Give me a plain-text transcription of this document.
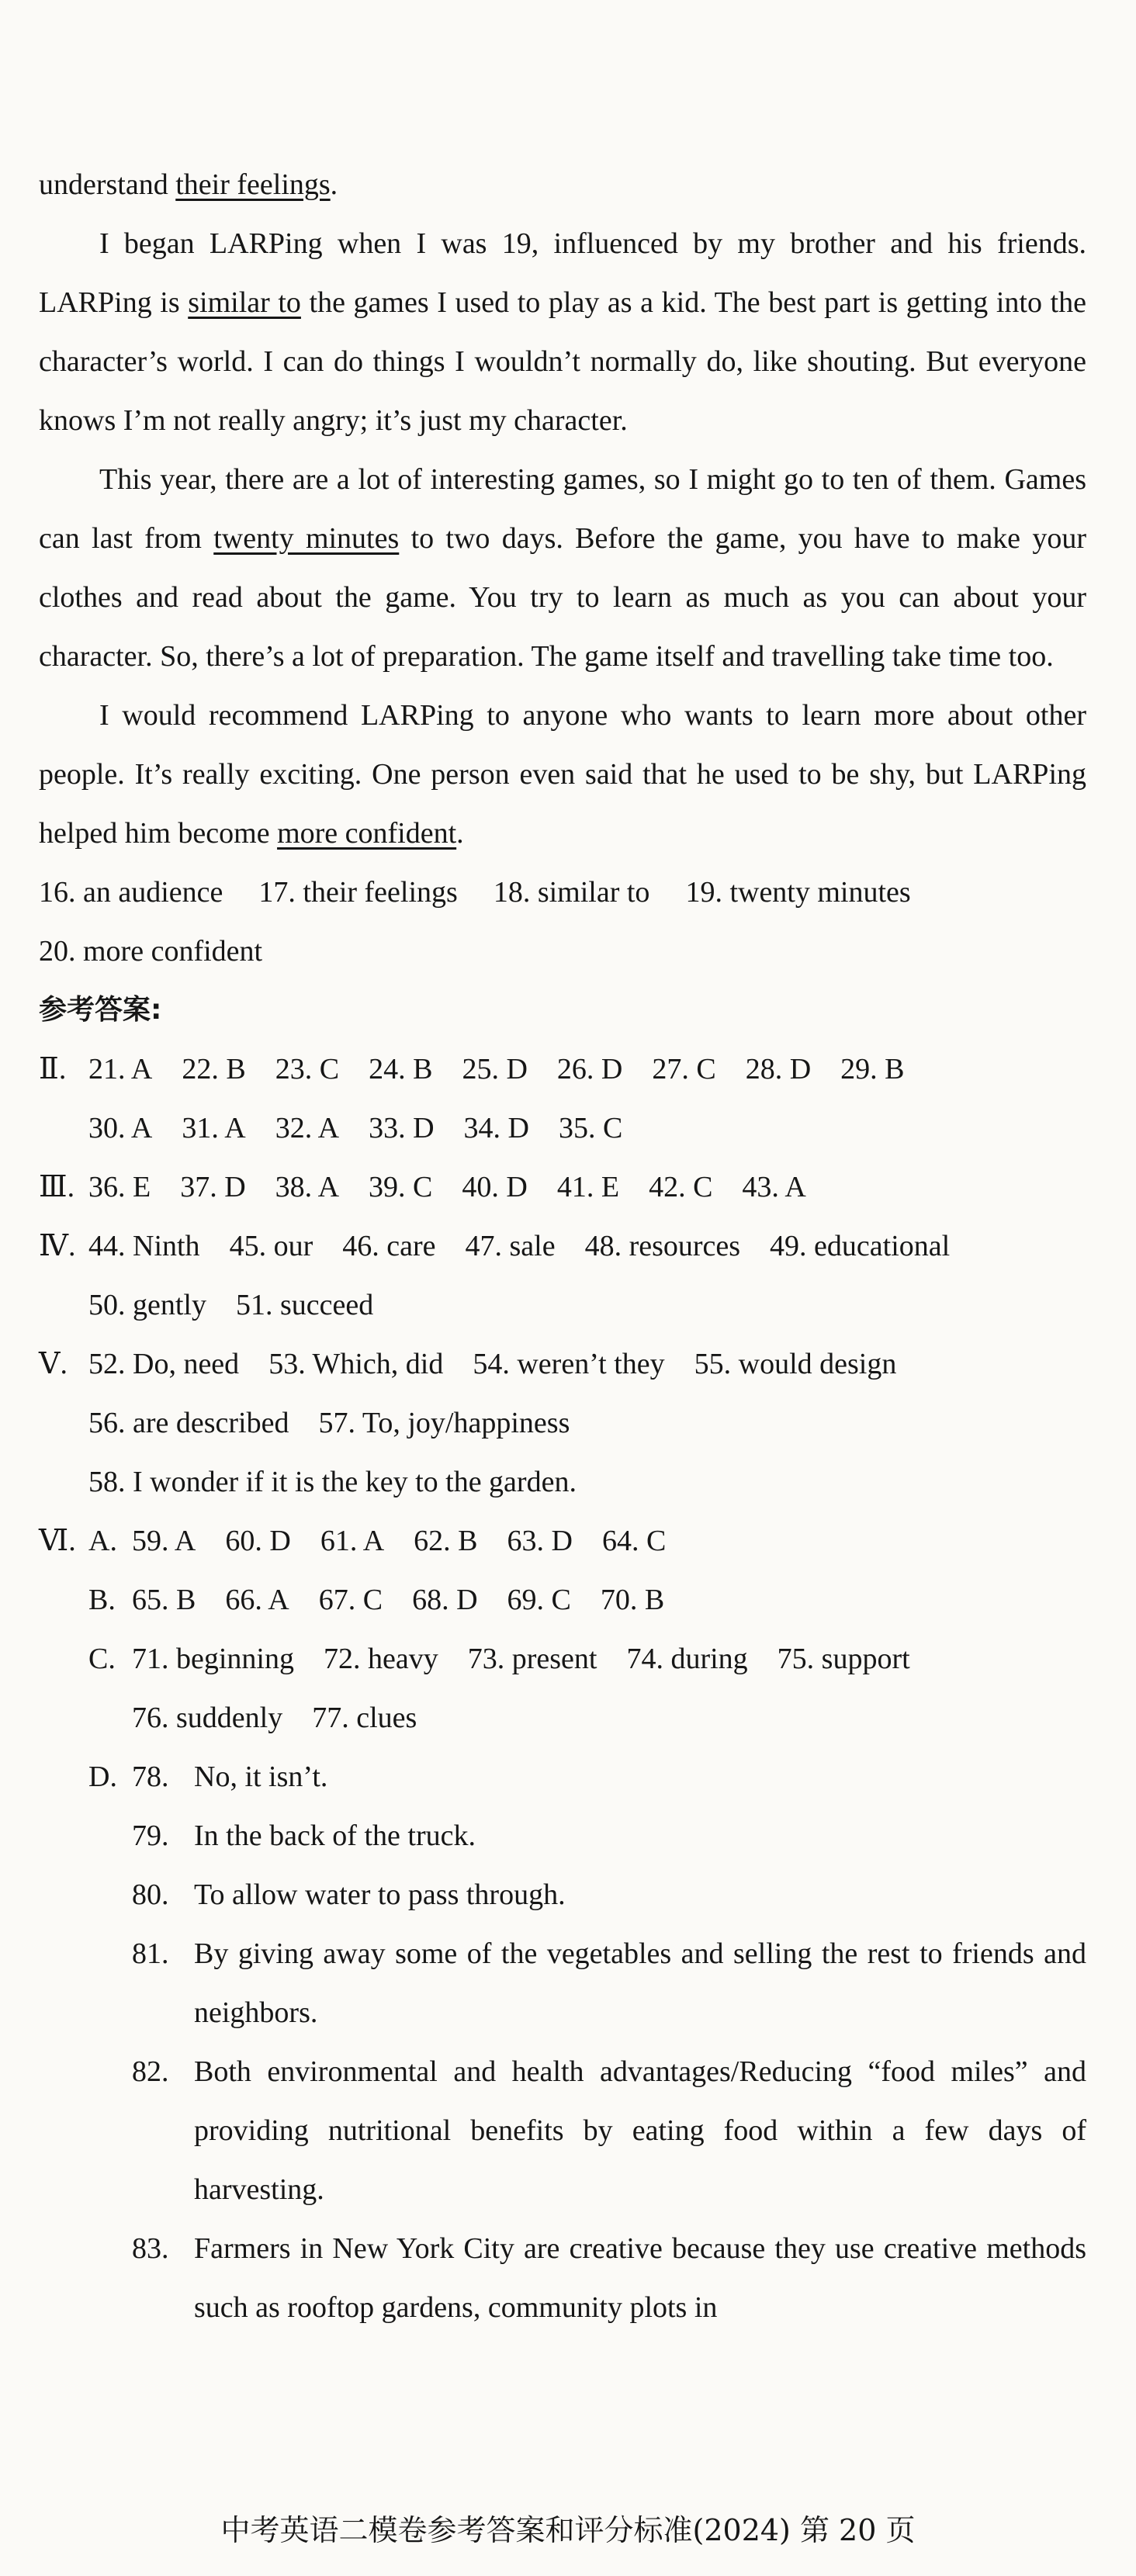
understand their feelings.

I began LARPing when I was 19, influenced by my brother and his friends. LARPing is similar to the games I used to play as a kid. The best part is getting into the character’s world. I can do things I wouldn’t normally do, like shouting. But everyone knows I’m not really angry; it’s just my character.

This year, there are a lot of interesting games, so I might go to ten of them. Games can last from twenty minutes to two days. Before the game, you have to make your clothes and read about the game. You try to learn as much as you can about your character. So, there’s a lot of preparation. The game itself and travelling take time too.

I would recommend LARPing to anyone who wants to learn more about other people. It’s really exciting. One person even said that he used to be shy, but LARPing helped him become more confident.

16. an audience 17. their feelings 18. similar to 19. twenty minutes

20. more confident

参考答案:

Ⅱ. 21. A 22. B 23. C 24. B 25. D 26. D 27. C 28. D 29. B
30. A 31. A 32. A 33. D 34. D 35. C
Ⅲ. 36. E 37. D 38. A 39. C 40. D 41. E 42. C 43. A
Ⅳ. 44. Ninth 45. our 46. care 47. sale 48. resources 49. educational
50. gently 51. succeed
Ⅴ. 52. Do, need 53. Which, did 54. weren’t they 55. would design
56. are described 57. To, joy/happiness
58. I wonder if it is the key to the garden.
Ⅵ. A. 59. A 60. D 61. A 62. B 63. D 64. C
B. 65. B 66. A 67. C 68. D 69. C 70. B
C. 71. beginning 72. heavy 73. present 74. during 75. support
76. suddenly 77. clues
D. 78. No, it isn’t.
79. In the back of the truck.
80. To allow water to pass through.
81. By giving away some of the vegetables and selling the rest to friends and neighbors.
82. Both environmental and health advantages/Reducing “food miles” and providing nutritional benefits by eating food within a few days of harvesting.
83. Farmers in New York City are creative because they use creative methods such as rooftop gardens, community plots in
中考英语二模卷参考答案和评分标准(2024) 第 20 页
